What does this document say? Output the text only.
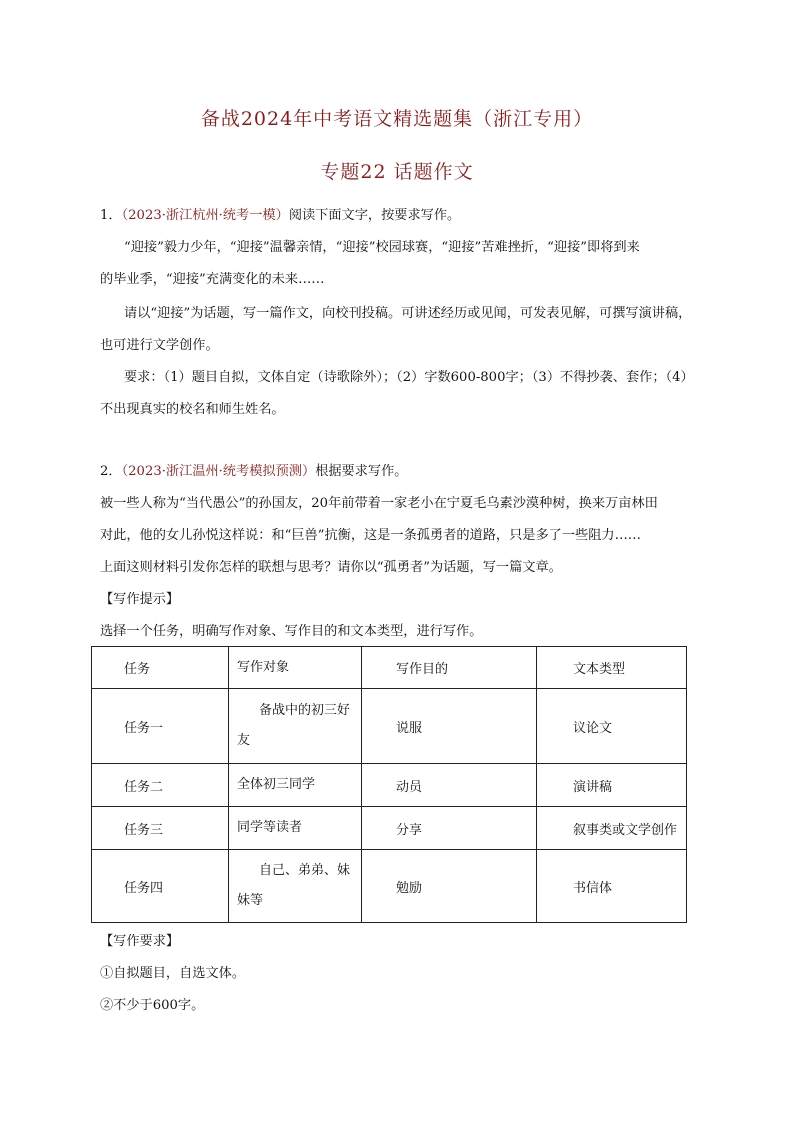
备战2024年中考语文精选题集（浙江专用）
专题22 话题作文
1．（2023·浙江杭州·统考一模）阅读下面文字，按要求写作。
“迎接”毅力少年，“迎接”温馨亲情，“迎接”校园球赛，“迎接”苦难挫折，“迎接”即将到来
的毕业季，“迎接”充满变化的未来……
请以“迎接”为话题，写一篇作文，向校刊投稿。可讲述经历或见闻，可发表见解，可撰写演讲稿，
也可进行文学创作。
要求：（1）题目自拟，文体自定（诗歌除外）；（2）字数600-800字；（3）不得抄袭、套作；（4）
不出现真实的校名和师生姓名。
2．（2023·浙江温州·统考模拟预测）根据要求写作。
被一些人称为“当代愚公”的孙国友，20年前带着一家老小在宁夏毛乌素沙漠种树，换来万亩林田
对此，他的女儿孙悦这样说：和“巨兽”抗衡，这是一条孤勇者的道路，只是多了一些阻力……
上面这则材料引发你怎样的联想与思考？请你以“孤勇者”为话题，写一篇文章。
【写作提示】
选择一个任务，明确写作对象、写作目的和文本类型，进行写作。
任务	写作对象	写作目的	文本类型
任务一	备战中的初三好友	说服	议论文
任务二	全体初三同学	动员	演讲稿
任务三	同学等读者	分享	叙事类或文学创作
任务四	自己、弟弟、妹妹等	勉励	书信体
【写作要求】
①自拟题目，自选文体。
②不少于600字。
